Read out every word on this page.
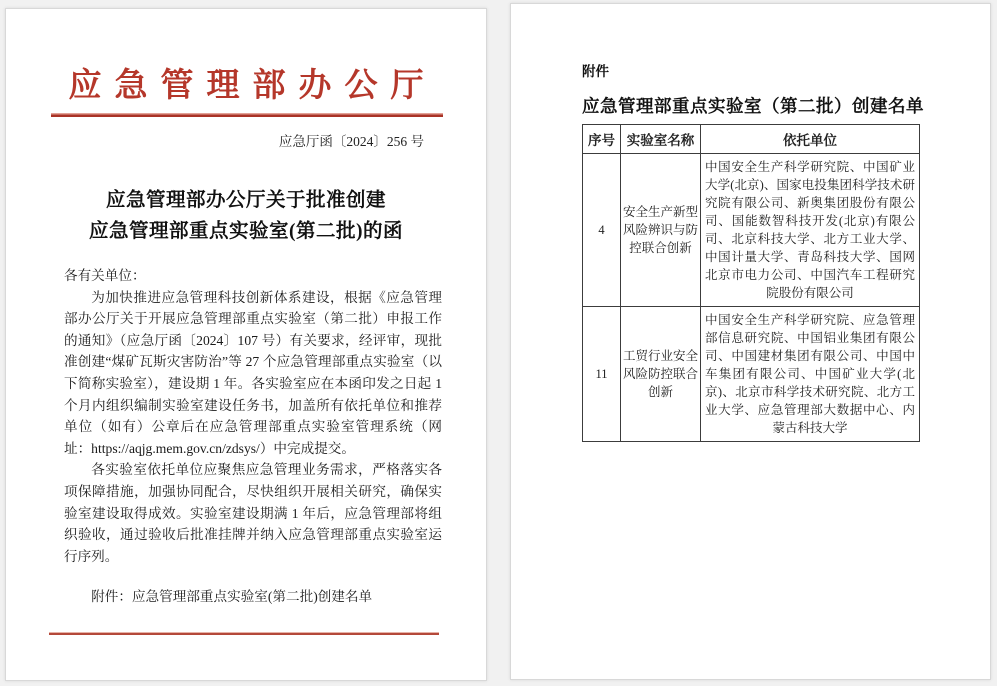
应急管理部办公厅
应急厅函〔2024〕256 号
应急管理部办公厅关于批准创建
应急管理部重点实验室(第二批)的函

各有关单位：

为加快推进应急管理科技创新体系建设，根据《应急管理部办公厅关于开展应急管理部重点实验室（第二批）申报工作的通知》（应急厅函〔2024〕107 号）有关要求，经评审，现批准创建“煤矿瓦斯灾害防治”等 27 个应急管理部重点实验室（以下简称实验室），建设期 1 年。各实验室应在本函印发之日起 1 个月内组织编制实验室建设任务书，加盖所有依托单位和推荐单位（如有）公章后在应急管理部重点实验室管理系统（网址：https://aqjg.mem.gov.cn/zdsys/）中完成提交。

各实验室依托单位应聚焦应急管理业务需求，严格落实各项保障措施，加强协同配合，尽快组织开展相关研究，确保实验室建设取得成效。实验室建设期满 1 年后，应急管理部将组织验收，通过验收后批准挂牌并纳入应急管理部重点实验室运行序列。

附件：应急管理部重点实验室(第二批)创建名单

附件
应急管理部重点实验室（第二批）创建名单
序号	实验室名称	依托单位
4	安全生产新型风险辨识与防控联合创新	中国安全生产科学研究院、中国矿业大学(北京)、国家电投集团科学技术研究院有限公司、新奥集团股份有限公司、国能数智科技开发(北京)有限公司、北京科技大学、北方工业大学、中国计量大学、青岛科技大学、国网北京市电力公司、中国汽车工程研究院股份有限公司
11	工贸行业安全风险防控联合创新	中国安全生产科学研究院、应急管理部信息研究院、中国铝业集团有限公司、中国建材集团有限公司、中国中车集团有限公司、中国矿业大学(北京)、北京市科学技术研究院、北方工业大学、应急管理部大数据中心、内蒙古科技大学
